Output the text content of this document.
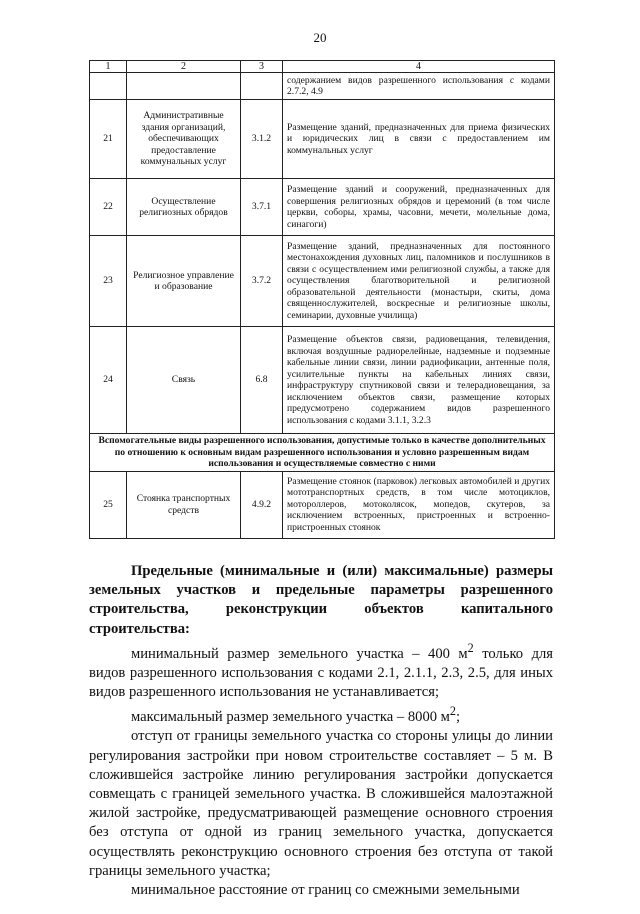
20
1	2	3	4
			содержанием видов разрешенного использования с кодами 2.7.2, 4.9
21	Административные здания организаций, обеспечивающих предоставление коммунальных услуг	3.1.2	Размещение зданий, предназначенных для приема физических и юридических лиц в связи с предоставлением им коммунальных услуг
22	Осуществление религиозных обрядов	3.7.1	Размещение зданий и сооружений, предназначенных для совершения религиозных обрядов и церемоний (в том числе церкви, соборы, храмы, часовни, мечети, молельные дома, синагоги)
23	Религиозное управление и образование	3.7.2	Размещение зданий, предназначенных для постоянного местонахождения духовных лиц, паломников и послушников в связи с осуществлением ими религиозной службы, а также для осуществления благотворительной и религиозной образовательной деятельности (монастыри, скиты, дома священнослужителей, воскресные и религиозные школы, семинарии, духовные училища)
24	Связь	6.8	Размещение объектов связи, радиовещания, телевидения, включая воздушные радиорелейные, надземные и подземные кабельные линии связи, линии радиофикации, антенные поля, усилительные пункты на кабельных линиях связи, инфраструктуру спутниковой связи и телерадиовещания, за исключением объектов связи, размещение которых предусмотрено содержанием видов разрешенного использования с кодами 3.1.1, 3.2.3
Вспомогательные виды разрешенного использования, допустимые только в качестве дополнительных по отношению к основным видам разрешенного использования и условно разрешенным видам использования и осуществляемые совместно с ними			
25	Стоянка транспортных средств	4.9.2	Размещение стоянок (парковок) легковых автомобилей и других мототранспортных средств, в том числе мотоциклов, мотороллеров, мотоколясок, мопедов, скутеров, за исключением встроенных, пристроенных и встроенно-пристроенных стоянок

Предельные (минимальные и (или) максимальные) размеры земельных участков и предельные параметры разрешенного строительства, реконструкции объектов капитального строительства:

минимальный размер земельного участка – 400 $м^2$ только для видов разрешенного использования с кодами 2.1, 2.1.1, 2.3, 2.5, для иных видов разрешенного использования не устанавливается;

максимальный размер земельного участка – 8000 $м^2$;

отступ от границы земельного участка со стороны улицы до линии регулирования застройки при новом строительстве составляет – 5 м. В сложившейся застройке линию регулирования застройки допускается совмещать с границей земельного участка. В сложившейся малоэтажной жилой застройке, предусматривающей размещение основного строения без отступа от одной из границ земельного участка, допускается осуществлять реконструкцию основного строения без отступа от такой границы земельного участка;

минимальное расстояние от границ со смежными земельными
